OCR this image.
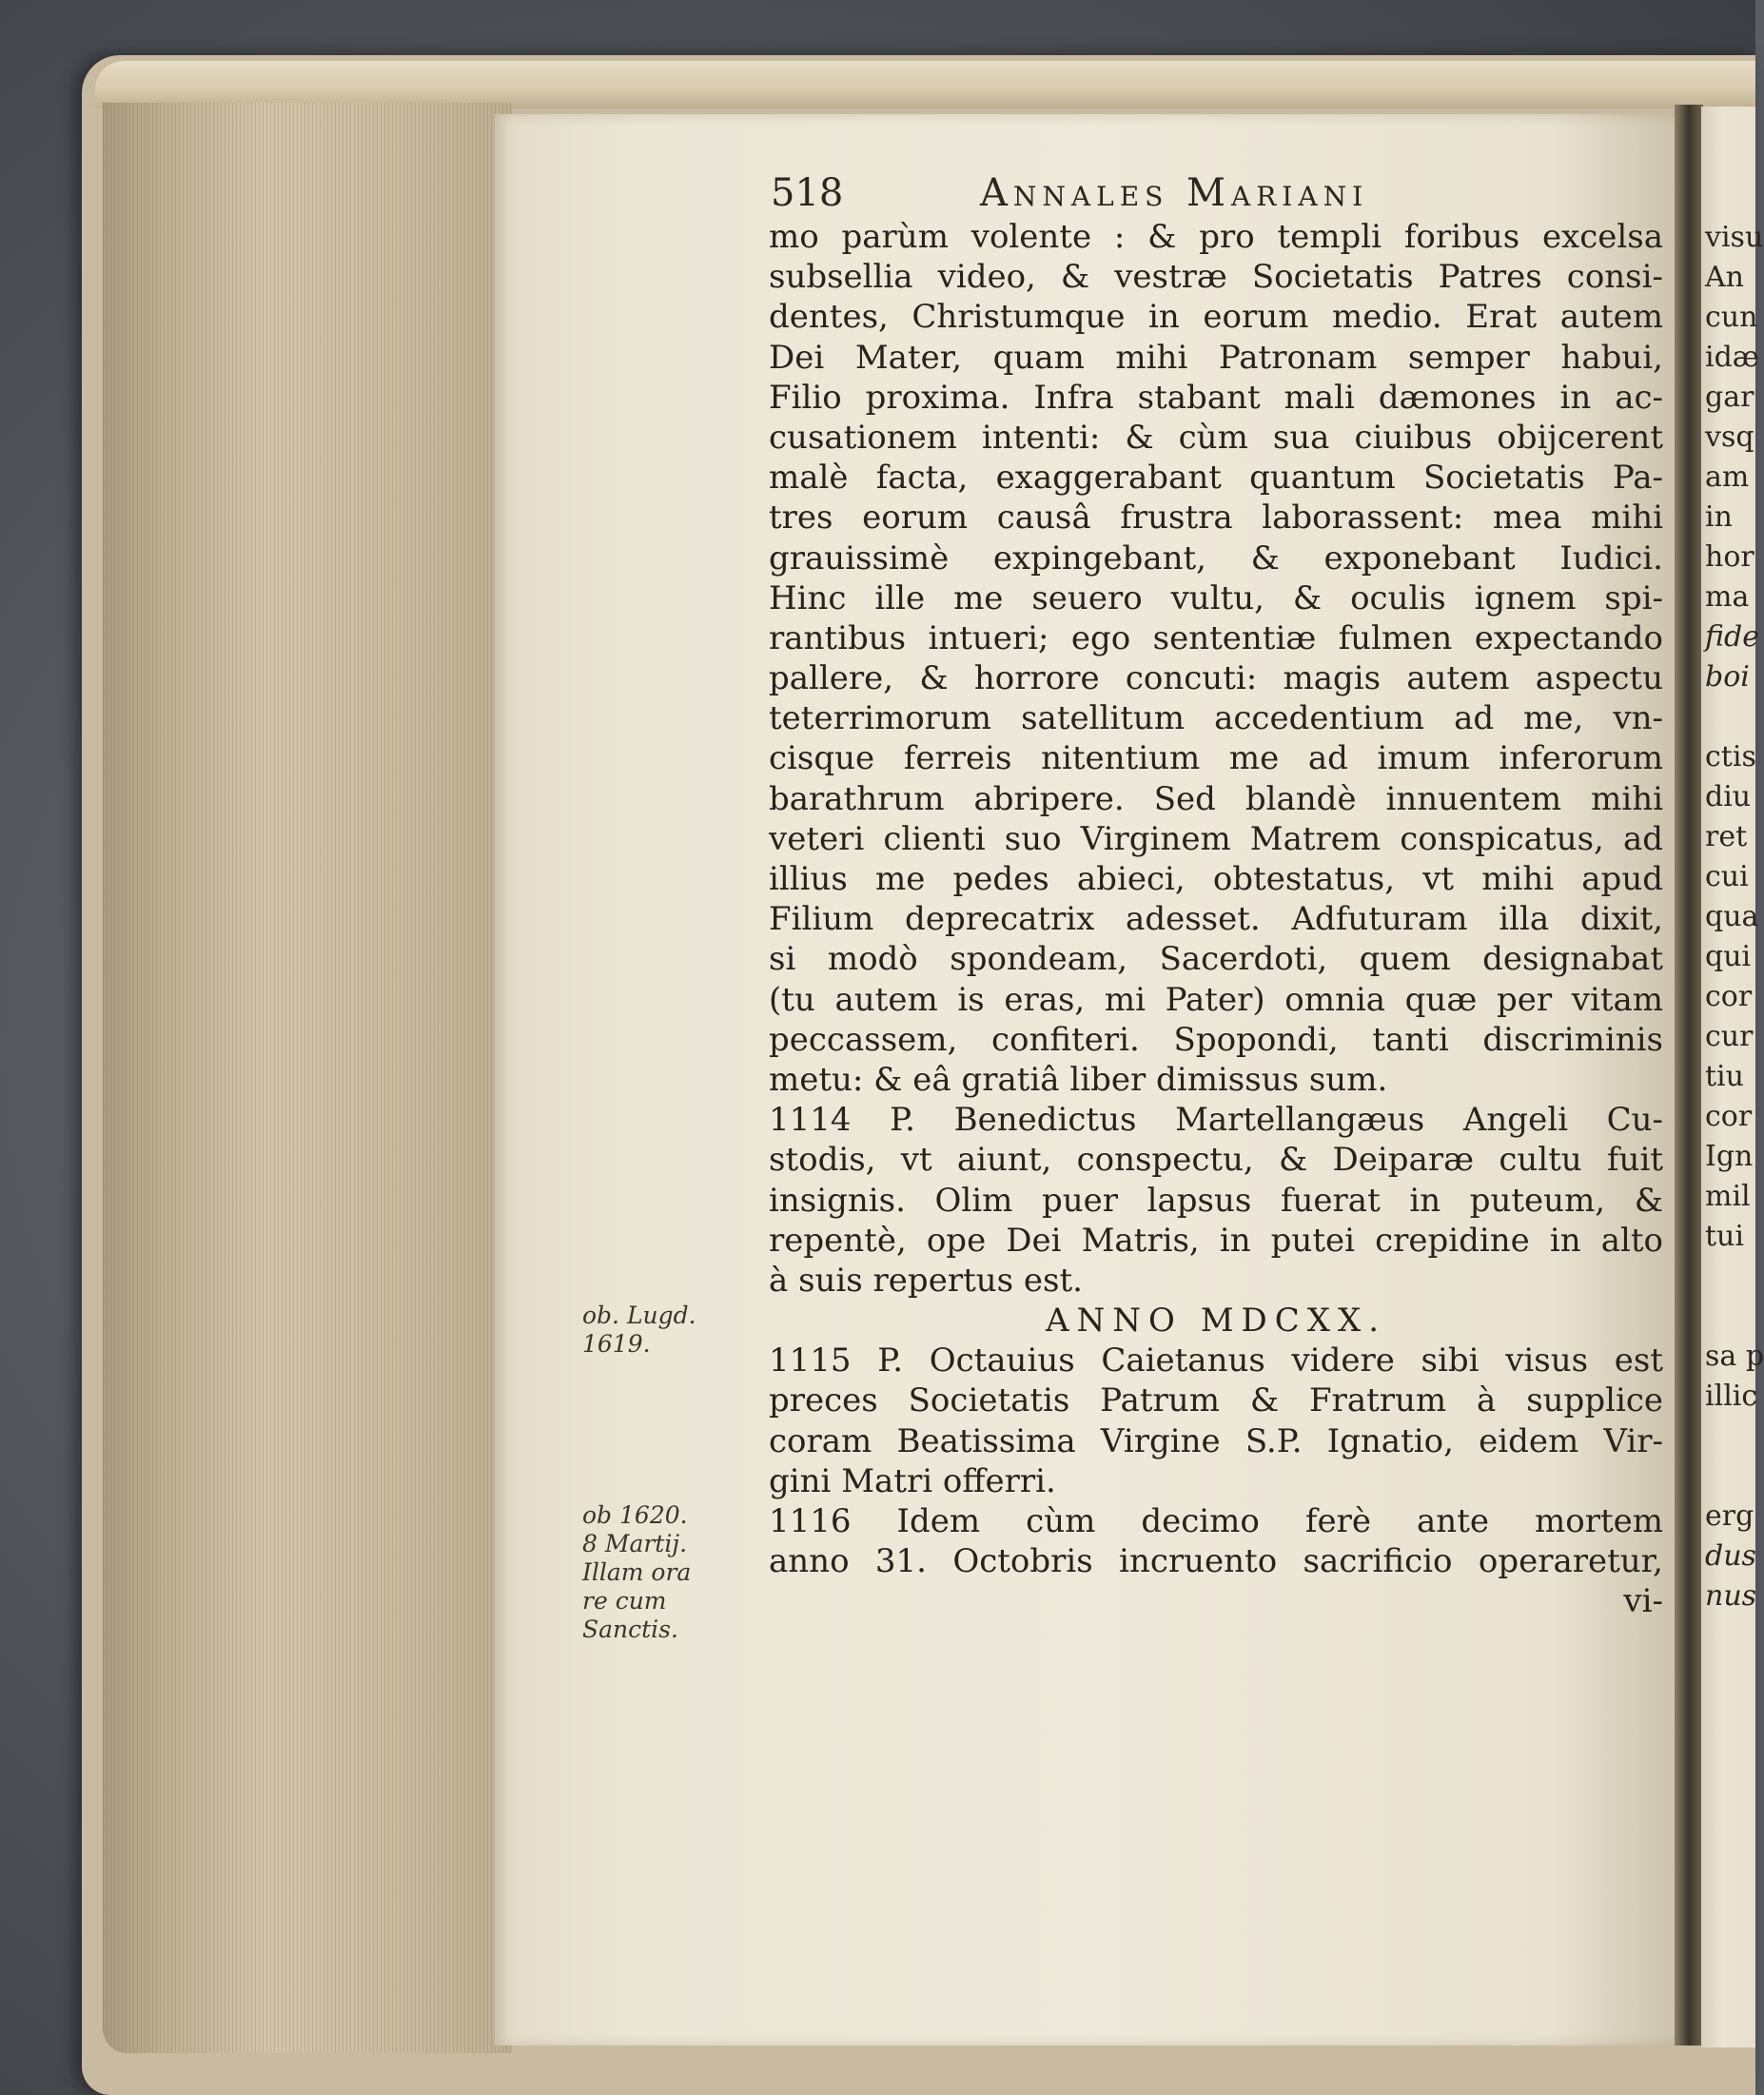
518	Annales Mariani
mo parùm volente : & pro templi foribus excelsa
subsellia video, & vestræ Societatis Patres consi-
dentes, Christumque in eorum medio. Erat autem
Dei Mater, quam mihi Patronam semper habui,
Filio proxima. Infra stabant mali dæmones in ac-
cusationem intenti: & cùm sua ciuibus obijcerent
malè facta, exaggerabant quantum Societatis Pa-
tres eorum causâ frustra laborassent: mea mihi
grauissimè expingebant, & exponebant Iudici.
Hinc ille me seuero vultu, & oculis ignem spi-
rantibus intueri; ego sententiæ fulmen expectando
pallere, & horrore concuti: magis autem aspectu
teterrimorum satellitum accedentium ad me, vn-
cisque ferreis nitentium me ad imum inferorum
barathrum abripere. Sed blandè innuentem mihi
veteri clienti suo Virginem Matrem conspicatus, ad
illius me pedes abieci, obtestatus, vt mihi apud
Filium deprecatrix adesset. Adfuturam illa dixit,
si modò spondeam, Sacerdoti, quem designabat
(tu autem is eras, mi Pater) omnia quæ per vitam
peccassem, confiteri. Spopondi, tanti discriminis
metu: & eâ gratiâ liber dimissus sum.
1114 P. Benedictus Martellangæus Angeli Cu-
stodis, vt aiunt, conspectu, & Deiparæ cultu fuit
insignis. Olim puer lapsus fuerat in puteum, &
repentè, ope Dei Matris, in putei crepidine in alto
à suis repertus est.
ANNO MDCXX.
1115 P. Octauius Caietanus videre sibi visus est
preces Societatis Patrum & Fratrum à supplice
coram Beatissima Virgine S.P. Ignatio, eidem Vir-
gini Matri offerri.
1116 Idem cùm decimo ferè ante mortem
anno 31. Octobris incruento sacrificio operaretur,
vi-
ob. Lugd.
1619.
ob 1620.
8 Martij.
Illam ora
re cum
Sanctis.
visu
An
cun
idæ
gar
vsq
am
in
hor
ma
fide
boi
ctis
diu
ret
cui
qua
qui
cor
cur
tiu
cor
Ign
mil
tui
sa p
illic
erg
dus
nus
